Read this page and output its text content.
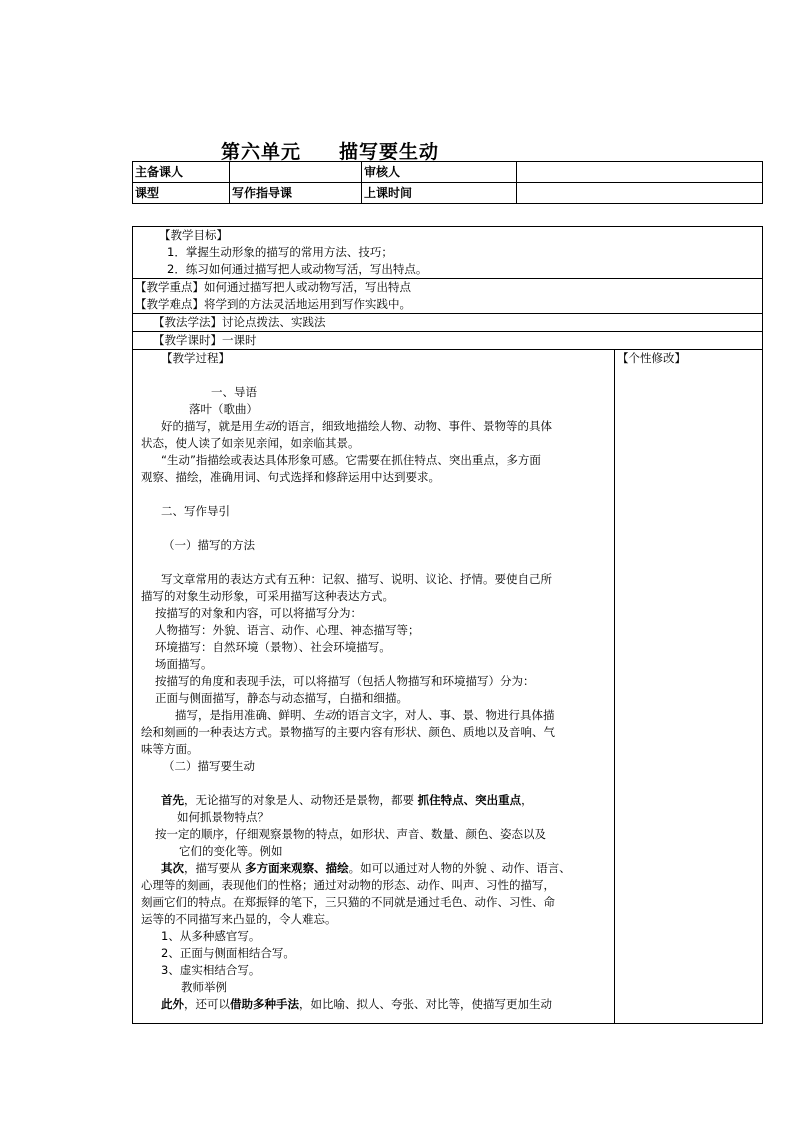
第六单元     描写要生动
主备课人		审核人	
课型	写作指导课	上课时间	
【教学目标】
1．掌握生动形象的描写的常用方法、技巧；
2．练习如何通过描写把人或动物写活，写出特点。

【教学重点】如何通过描写把人或动物写活，写出特点
【教学难点】将学到的方法灵活地运用到写作实践中。

【教法学法】讨论点拨法、实践法
【教学课时】一课时

【教学过程】
一、导语
落叶（歌曲）
好的描写，就是用生动的语言，细致地描绘人物、动物、事件、景物等的具体
状态，使人读了如亲见亲闻，如亲临其景。
“生动”指描绘或表达具体形象可感。它需要在抓住特点、突出重点，多方面
观察、描绘，准确用词、句式选择和修辞运用中达到要求。
二、写作导引
（一）描写的方法
写文章常用的表达方式有五种：记叙、描写、说明、议论、抒情。要使自己所
描写的对象生动形象，可采用描写这种表达方式。
按描写的对象和内容，可以将描写分为：
人物描写：外貌、语言、动作、心理、神态描写等；
环境描写：自然环境（景物）、社会环境描写。
场面描写。
按描写的角度和表现手法，可以将描写（包括人物描写和环境描写）分为：
正面与侧面描写，静态与动态描写，白描和细描。
描写，是指用准确、鲜明、生动的语言文字，对人、事、景、物进行具体描
绘和刻画的一种表达方式。景物描写的主要内容有形状、颜色、质地以及音响、气
味等方面。
（二）描写要生动
首先，无论描写的对象是人、动物还是景物，都要 抓住特点、突出重点，
如何抓景物特点？
按一定的顺序，仔细观察景物的特点，如形状、声音、数量、颜色、姿态以及
它们的变化等。例如
其次，描写要从 多方面来观察、描绘。如可以通过对人物的外貌 、动作、语言、
心理等的刻画，表现他们的性格；通过对动物的形态、动作、叫声、习性的描写，
刻画它们的特点。在郑振铎的笔下，三只猫的不同就是通过毛色、动作、习性、命
运等的不同描写来凸显的，令人难忘。
1、从多种感官写。
2、正面与侧面相结合写。
3、虚实相结合写。
教师举例
此外，还可以借助多种手法，如比喻、拟人、夸张、对比等，使描写更加生动

【个性修改】
